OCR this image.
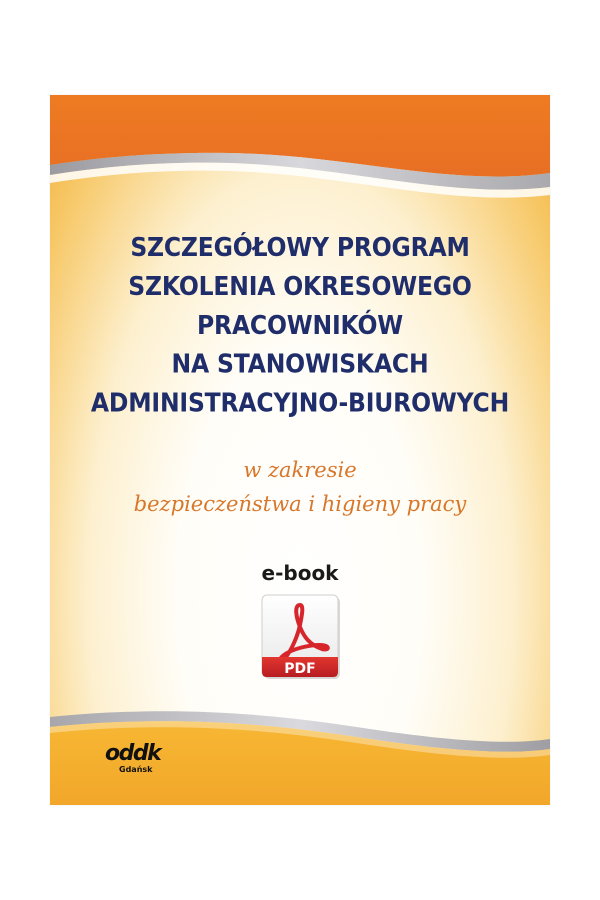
SZCZEGÓŁOWY PROGRAM
SZKOLENIA OKRESOWEGO
PRACOWNIKÓW
NA STANOWISKACH
ADMINISTRACYJNO-BIUROWYCH
w zakresie
bezpieczeństwa i higieny pracy
e-book
PDF
oddk
Gdańsk
